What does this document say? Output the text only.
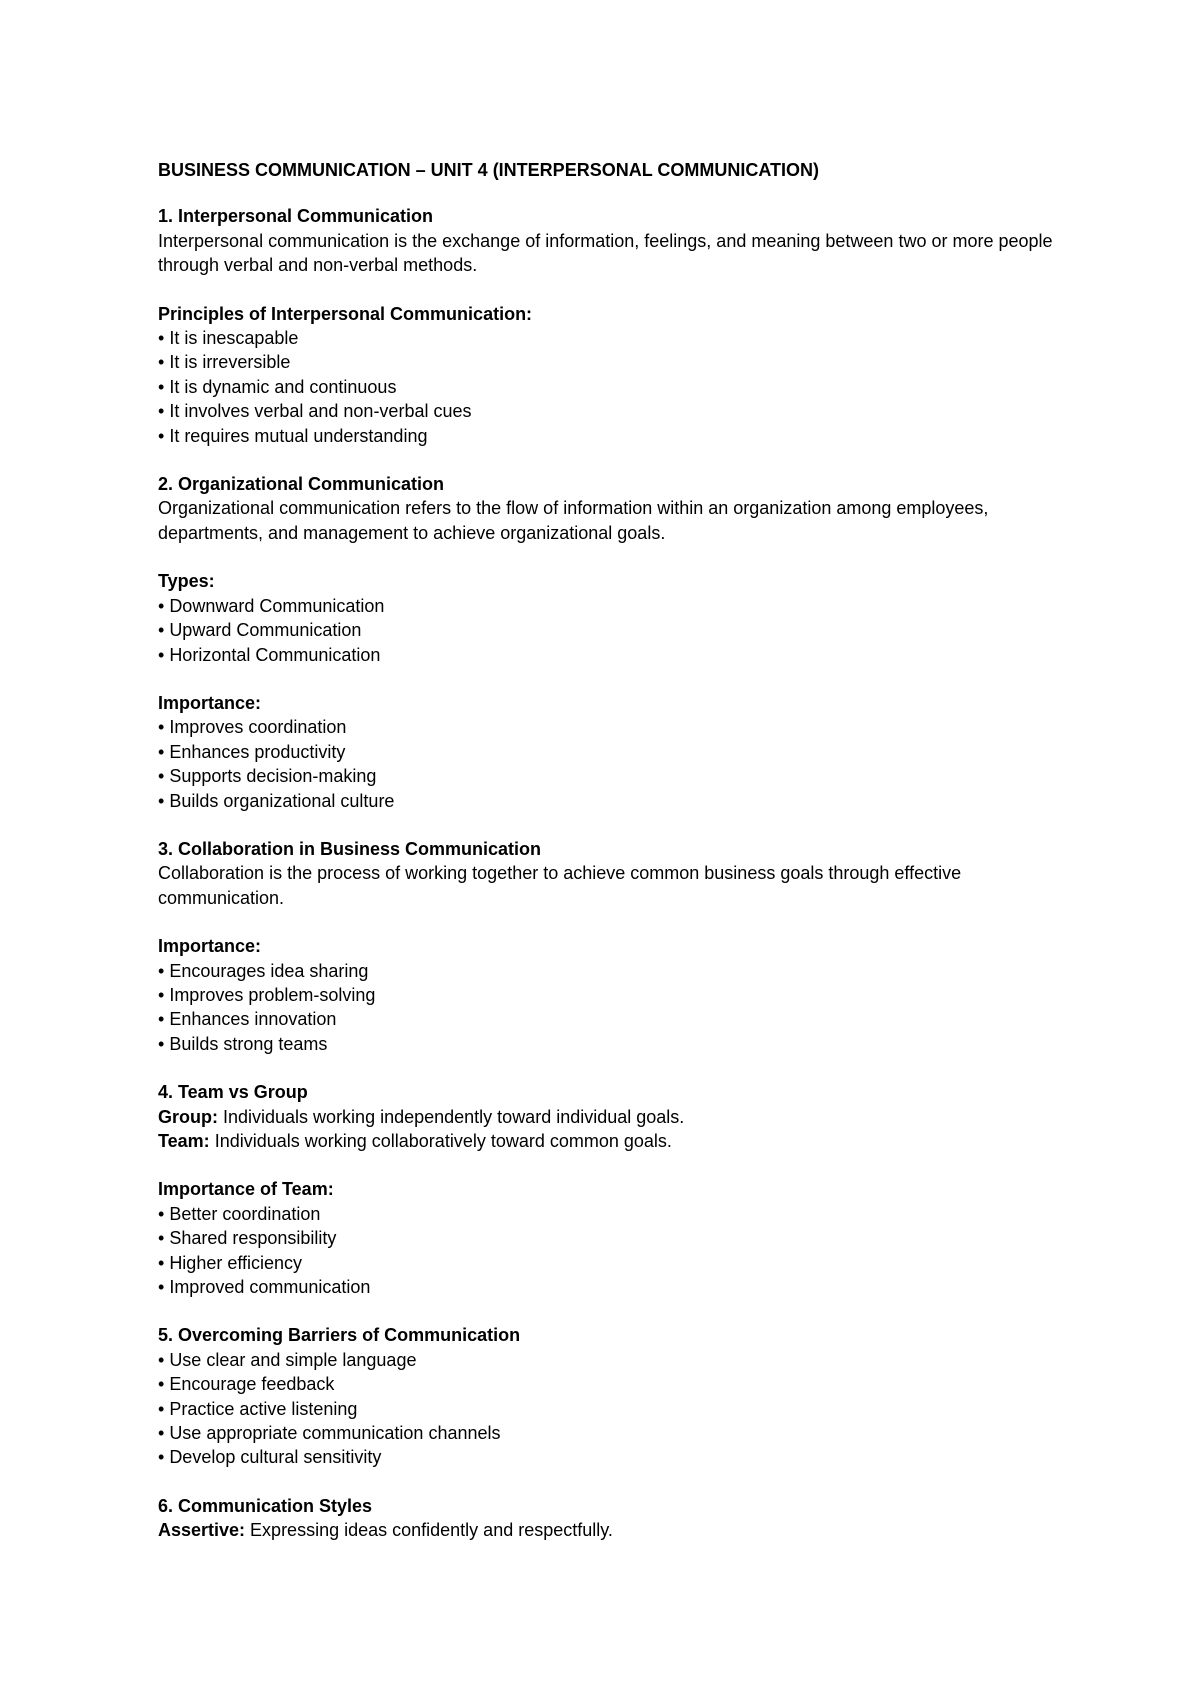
BUSINESS COMMUNICATION – UNIT 4 (INTERPERSONAL COMMUNICATION)

1. Interpersonal Communication

Interpersonal communication is the exchange of information, feelings, and meaning between two or more people through verbal and non-verbal methods.

Principles of Interpersonal Communication:

• It is inescapable
• It is irreversible
• It is dynamic and continuous
• It involves verbal and non-verbal cues
• It requires mutual understanding

2. Organizational Communication

Organizational communication refers to the flow of information within an organization among employees, departments, and management to achieve organizational goals.

Types:

• Downward Communication
• Upward Communication
• Horizontal Communication

Importance:

• Improves coordination
• Enhances productivity
• Supports decision-making
• Builds organizational culture

3. Collaboration in Business Communication

Collaboration is the process of working together to achieve common business goals through effective communication.

Importance:

• Encourages idea sharing
• Improves problem-solving
• Enhances innovation
• Builds strong teams

4. Team vs Group

Group: Individuals working independently toward individual goals.

Team: Individuals working collaboratively toward common goals.

Importance of Team:

• Better coordination
• Shared responsibility
• Higher efficiency
• Improved communication

5. Overcoming Barriers of Communication

• Use clear and simple language
• Encourage feedback
• Practice active listening
• Use appropriate communication channels
• Develop cultural sensitivity

6. Communication Styles

Assertive: Expressing ideas confidently and respectfully.
